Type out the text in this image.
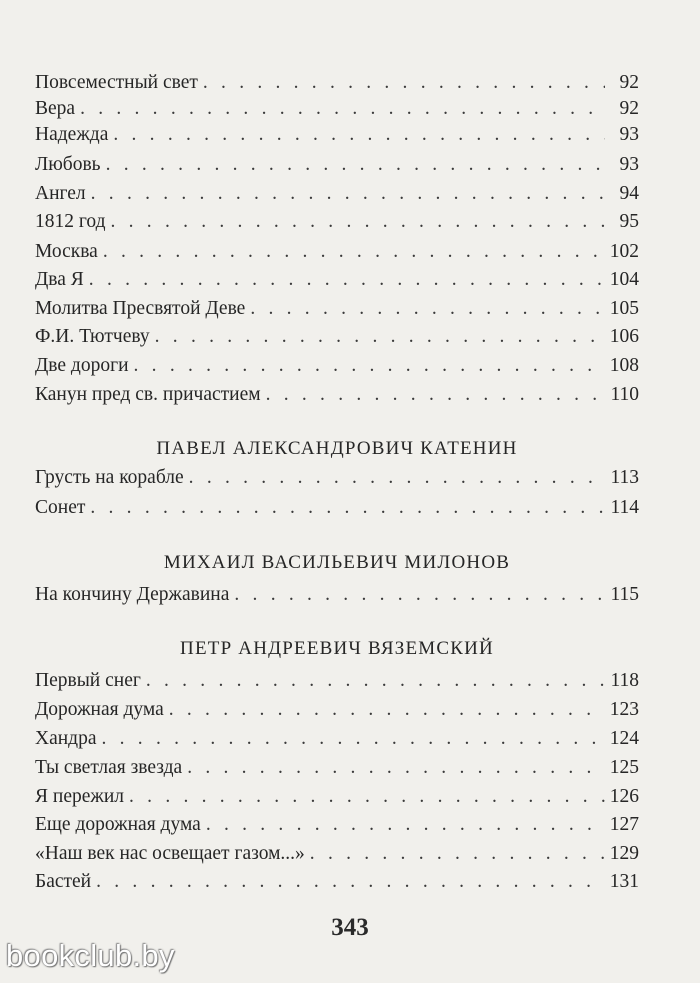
Повсеместный свет . . .	92
Вера . . .	92
Надежда . . .	93
Любовь . . .	93
Ангел . . .	94
1812 год . . .	95
Москва . . .	102
Два Я . . .	104
Молитва Пресвятой Деве . . .	105
Ф.И. Тютчеву . . .	106
Две дороги . . .	108
Канун пред св. причастием . . .	110
ПАВЕЛ АЛЕКСАНДРОВИЧ КАТЕНИН
Грусть на корабле . . .	113
Сонет . . .	114
МИХАИЛ ВАСИЛЬЕВИЧ МИЛОНОВ
На кончину Державина . . .	115
ПЕТР АНДРЕЕВИЧ ВЯЗЕМСКИЙ
Первый снег . . .	118
Дорожная дума . . .	123
Хандра . . .	124
Ты светлая звезда . . .	125
Я пережил . . .	126
Еще дорожная дума . . .	127
«Наш век нас освещает газом...» . . .	129
Бастей . . .	131
343
bookclub.by
